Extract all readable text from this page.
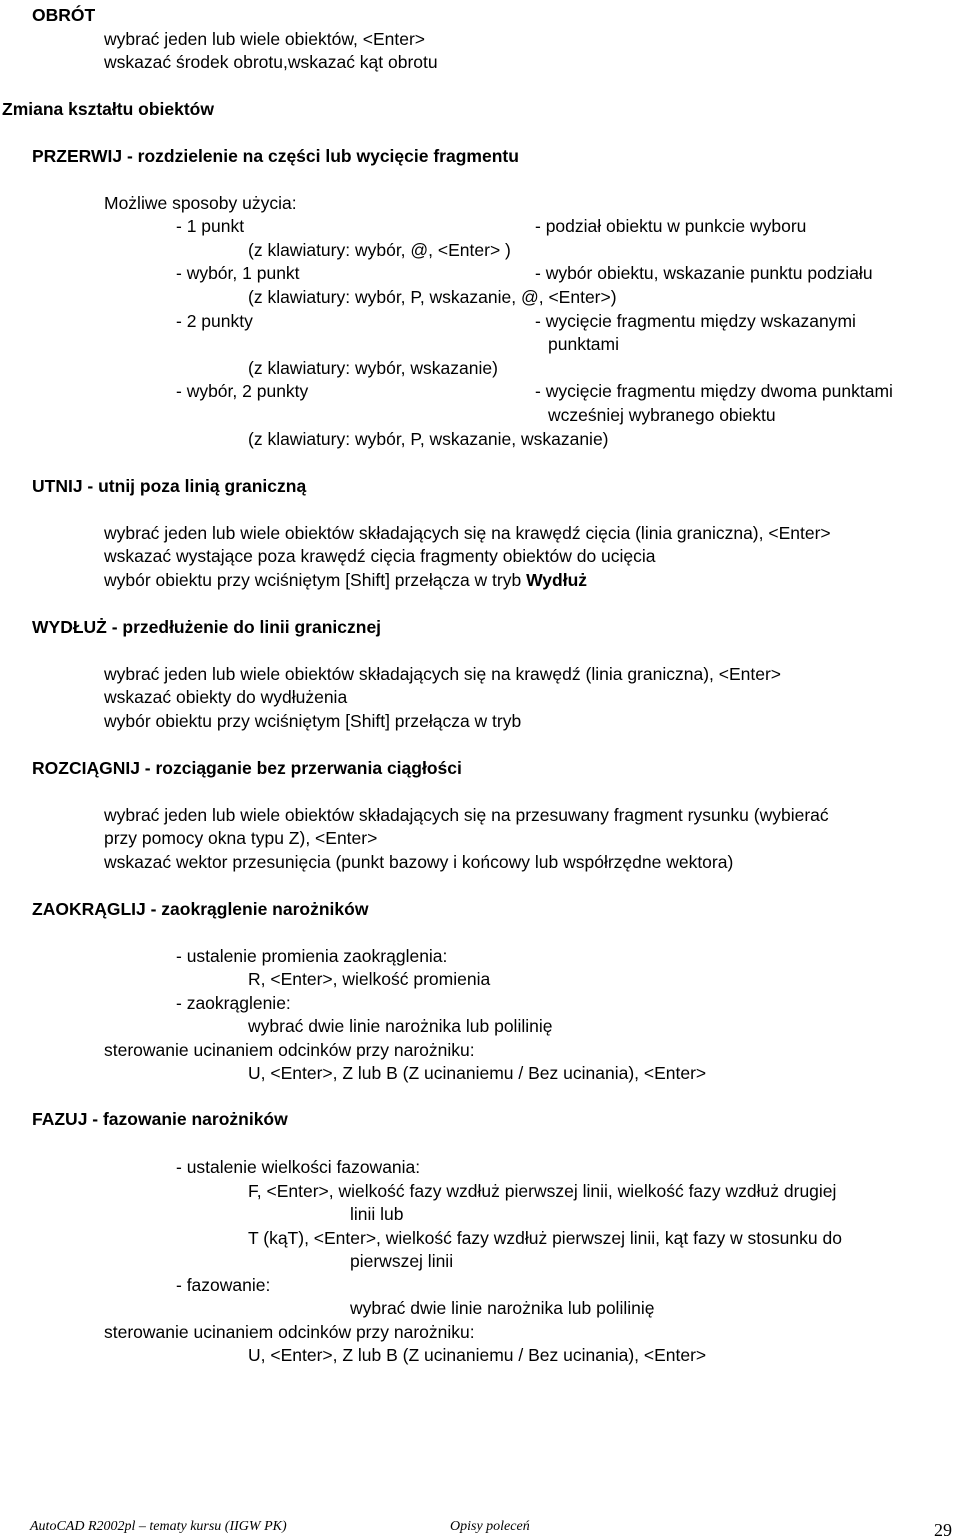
OBRÓT
wybrać jeden lub wiele obiektów, <Enter>
wskazać środek obrotu,wskazać kąt obrotu
Zmiana kształtu obiektów
PRZERWIJ - rozdzielenie na części lub wycięcie fragmentu
Możliwe sposoby użycia:
- 1 punkt	- podział obiektu w punkcie wyboru
(z klawiatury: wybór, @, <Enter> )
- wybór, 1 punkt	- wybór obiektu, wskazanie punktu podziału
(z klawiatury: wybór, P, wskazanie, @, <Enter>)
- 2 punkty	- wycięcie fragmentu między wskazanymi
punktami
(z klawiatury: wybór, wskazanie)
- wybór, 2 punkty	- wycięcie fragmentu między dwoma punktami
wcześniej wybranego obiektu
(z klawiatury: wybór, P, wskazanie, wskazanie)
UTNIJ - utnij poza linią graniczną
wybrać jeden lub wiele obiektów składających się na krawędź cięcia (linia graniczna), <Enter>
wskazać wystające poza krawędź cięcia fragmenty obiektów do ucięcia
wybór obiektu przy wciśniętym [Shift] przełącza w tryb Wydłuż
WYDŁUŻ - przedłużenie do linii granicznej
wybrać jeden lub wiele obiektów składających się na krawędź (linia graniczna), <Enter>
wskazać obiekty do wydłużenia
wybór obiektu przy wciśniętym [Shift] przełącza w tryb
ROZCIĄGNIJ - rozciąganie bez przerwania ciągłości
wybrać jeden lub wiele obiektów składających się na przesuwany fragment rysunku (wybierać
przy pomocy okna typu Z), <Enter>
wskazać wektor przesunięcia (punkt bazowy i końcowy lub współrzędne wektora)
ZAOKRĄGLIJ - zaokrąglenie narożników
- ustalenie promienia zaokrąglenia:
R, <Enter>, wielkość promienia
- zaokrąglenie:
wybrać dwie linie narożnika lub polilinię
sterowanie ucinaniem odcinków przy narożniku:
U, <Enter>, Z lub B (Z ucinaniemu / Bez ucinania), <Enter>
FAZUJ - fazowanie narożników
- ustalenie wielkości fazowania:
F, <Enter>, wielkość fazy wzdłuż pierwszej linii, wielkość fazy wzdłuż drugiej
linii lub
T (kąT), <Enter>, wielkość fazy wzdłuż pierwszej linii, kąt fazy w stosunku do
pierwszej linii
- fazowanie:
wybrać dwie linie narożnika lub polilinię
sterowanie ucinaniem odcinków przy narożniku:
U, <Enter>, Z lub B (Z ucinaniemu / Bez ucinania), <Enter>
AutoCAD R2002pl – tematy kursu (IIGW PK)	Opisy poleceń	29
